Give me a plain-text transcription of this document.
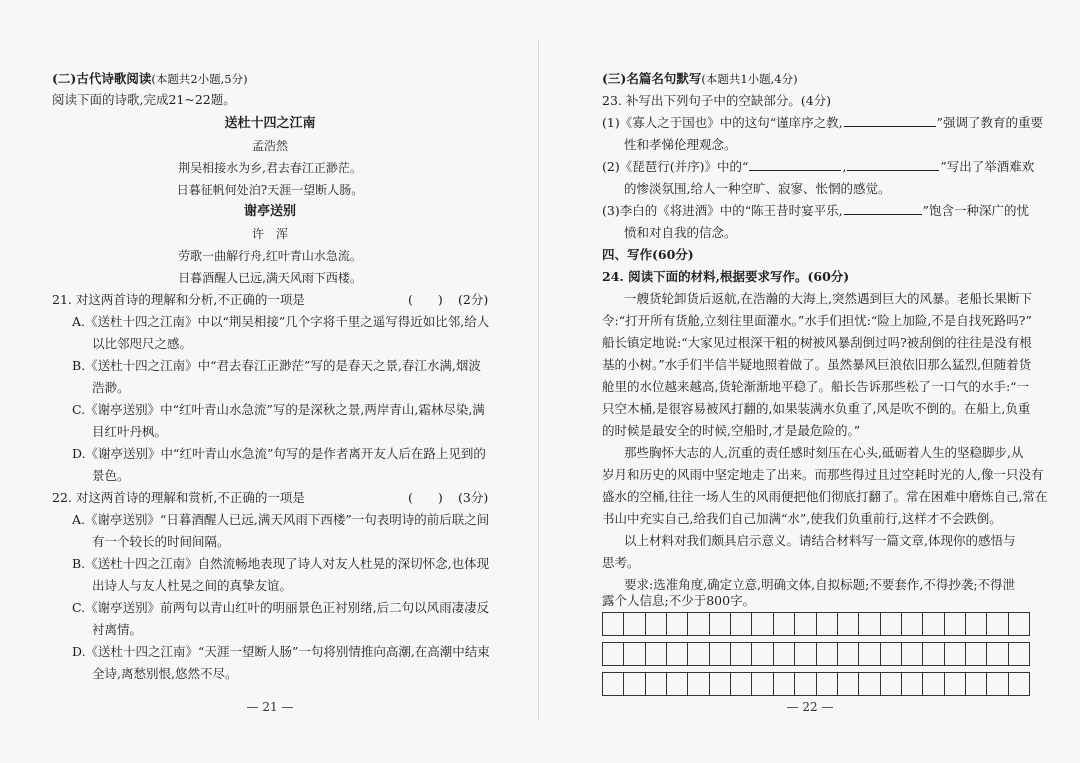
(二)古代诗歌阅读(本题共2小题,5分)
阅读下面的诗歌,完成21~22题。
送杜十四之江南
孟浩然
荆吴相接水为乡,君去春江正渺茫。
日暮征帆何处泊?天涯一望断人肠。
谢亭送别
许　浑
劳歌一曲解行舟,红叶青山水急流。
日暮酒醒人已远,满天风雨下西楼。
21. 对这两首诗的理解和分析,不正确的一项是	(　　) (2分)
A.《送杜十四之江南》中以“荆吴相接”几个字将千里之遥写得近如比邻,给人
以比邻咫尺之感。
B.《送杜十四之江南》中“君去春江正渺茫”写的是春天之景,春江水满,烟波
浩渺。
C.《谢亭送别》中“红叶青山水急流”写的是深秋之景,两岸青山,霜林尽染,满
目红叶丹枫。
D.《谢亭送别》中“红叶青山水急流”句写的是作者离开友人后在路上见到的
景色。
22. 对这两首诗的理解和赏析,不正确的一项是	(　　) (3分)
A.《谢亭送别》“日暮酒醒人已远,满天风雨下西楼”一句表明诗的前后联之间
有一个较长的时间间隔。
B.《送杜十四之江南》自然流畅地表现了诗人对友人杜晃的深切怀念,也体现
出诗人与友人杜晃之间的真挚友谊。
C.《谢亭送别》前两句以青山红叶的明丽景色正衬别绪,后二句以风雨凄凄反
衬离情。
D.《送杜十四之江南》“天涯一望断人肠”一句将别情推向高潮,在高潮中结束
全诗,离愁别恨,悠然不尽。
— 21 —
(三)名篇名句默写(本题共1小题,4分)
23. 补写出下列句子中的空缺部分。(4分)
(1)《寡人之于国也》中的这句“谨庠序之教,	”强调了教育的重要
性和孝悌伦理观念。
(2)《琵琶行(并序)》中的“	,	”写出了举酒难欢
的惨淡氛围,给人一种空旷、寂寥、怅惘的感觉。
(3)李白的《将进酒》中的“陈王昔时宴平乐,	”饱含一种深广的忧
愤和对自我的信念。
四、写作(60分)
24. 阅读下面的材料,根据要求写作。(60分)
一艘货轮卸货后返航,在浩瀚的大海上,突然遇到巨大的风暴。老船长果断下
令:“打开所有货舱,立刻往里面灌水。”水手们担忧:“险上加险,不是自找死路吗?”
船长镇定地说:“大家见过根深干粗的树被风暴刮倒过吗?被刮倒的往往是没有根
基的小树。”水手们半信半疑地照着做了。虽然暴风巨浪依旧那么猛烈,但随着货
舱里的水位越来越高,货轮渐渐地平稳了。船长告诉那些松了一口气的水手:“一
只空木桶,是很容易被风打翻的,如果装满水负重了,风是吹不倒的。在船上,负重
的时候是最安全的时候,空船时,才是最危险的。”
那些胸怀大志的人,沉重的责任感时刻压在心头,砥砺着人生的坚稳脚步,从
岁月和历史的风雨中坚定地走了出来。而那些得过且过空耗时光的人,像一只没有
盛水的空桶,往往一场人生的风雨便把他们彻底打翻了。常在困难中磨炼自己,常在
书山中充实自己,给我们自己加满“水”,使我们负重前行,这样才不会跌倒。
以上材料对我们颇具启示意义。请结合材料写一篇文章,体现你的感悟与
思考。
要求:选准角度,确定立意,明确文体,自拟标题;不要套作,不得抄袭;不得泄
露个人信息;不少于800字。
— 22 —
